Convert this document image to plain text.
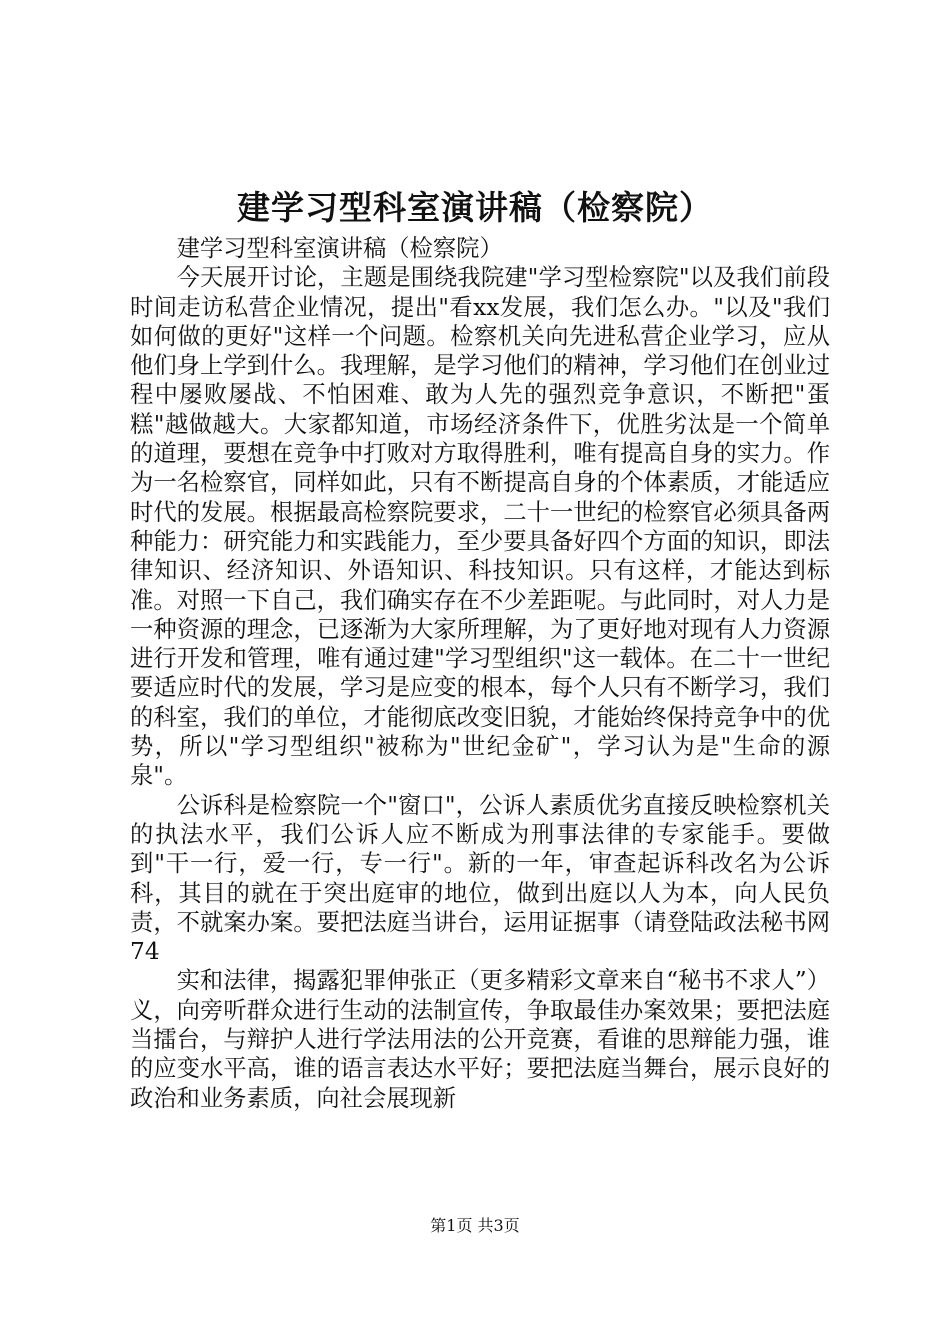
建学习型科室演讲稿（检察院）

建学习型科室演讲稿（检察院）

今天展开讨论，主题是围绕我院建"学习型检察院"以及我们前段时间走访私营企业情况，提出"看xx发展，我们怎么办。"以及"我们如何做的更好"这样一个问题。检察机关向先进私营企业学习，应从他们身上学到什么。我理解，是学习他们的精神，学习他们在创业过程中屡败屡战、不怕困难、敢为人先的强烈竞争意识，不断把"蛋糕"越做越大。大家都知道，市场经济条件下，优胜劣汰是一个简单的道理，要想在竞争中打败对方取得胜利，唯有提高自身的实力。作为一名检察官，同样如此，只有不断提高自身的个体素质，才能适应时代的发展。根据最高检察院要求，二十一世纪的检察官必须具备两种能力：研究能力和实践能力，至少要具备好四个方面的知识，即法律知识、经济知识、外语知识、科技知识。只有这样，才能达到标准。对照一下自己，我们确实存在不少差距呢。与此同时，对人力是一种资源的理念，已逐渐为大家所理解，为了更好地对现有人力资源进行开发和管理，唯有通过建"学习型组织"这一载体。在二十一世纪要适应时代的发展，学习是应变的根本，每个人只有不断学习，我们的科室，我们的单位，才能彻底改变旧貌，才能始终保持竞争中的优势，所以"学习型组织"被称为"世纪金矿"，学习认为是"生命的源泉"。

公诉科是检察院一个"窗口"，公诉人素质优劣直接反映检察机关的执法水平，我们公诉人应不断成为刑事法律的专家能手。要做到"干一行，爱一行，专一行"。新的一年，审查起诉科改名为公诉科，其目的就在于突出庭审的地位，做到出庭以人为本，向人民负责，不就案办案。要把法庭当讲台，运用证据事（请登陆政法秘书网74

实和法律，揭露犯罪伸张正（更多精彩文章来自“秘书不求人”）义，向旁听群众进行生动的法制宣传，争取最佳办案效果；要把法庭当擂台，与辩护人进行学法用法的公开竞赛，看谁的思辩能力强，谁的应变水平高，谁的语言表达水平好；要把法庭当舞台，展示良好的政治和业务素质，向社会展现新

第1页 共3页
